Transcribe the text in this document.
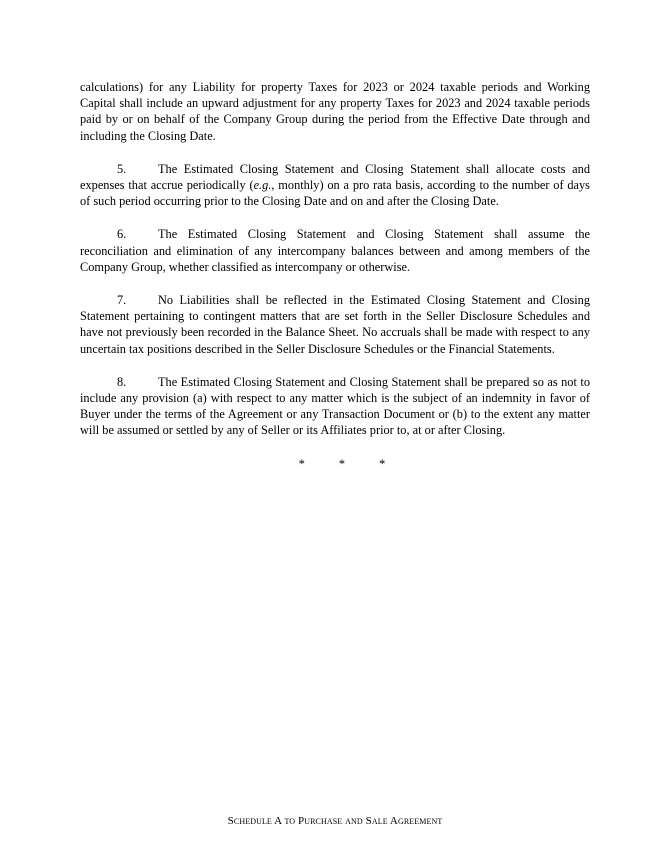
calculations) for any Liability for property Taxes for 2023 or 2024 taxable periods and Working Capital shall include an upward adjustment for any property Taxes for 2023 and 2024 taxable periods paid by or on behalf of the Company Group during the period from the Effective Date through and including the Closing Date.

5.	The Estimated Closing Statement and Closing Statement shall allocate costs and expenses that accrue periodically (e.g., monthly) on a pro rata basis, according to the number of days of such period occurring prior to the Closing Date and on and after the Closing Date.

6.	The Estimated Closing Statement and Closing Statement shall assume the reconciliation and elimination of any intercompany balances between and among members of the Company Group, whether classified as intercompany or otherwise.

7.	No Liabilities shall be reflected in the Estimated Closing Statement and Closing Statement pertaining to contingent matters that are set forth in the Seller Disclosure Schedules and have not previously been recorded in the Balance Sheet. No accruals shall be made with respect to any uncertain tax positions described in the Seller Disclosure Schedules or the Financial Statements.

8.	The Estimated Closing Statement and Closing Statement shall be prepared so as not to include any provision (a) with respect to any matter which is the subject of an indemnity in favor of Buyer under the terms of the Agreement or any Transaction Document or (b) to the extent any matter will be assumed or settled by any of Seller or its Affiliates prior to, at or after Closing.

*	*	*
Schedule A to Purchase and Sale Agreement
